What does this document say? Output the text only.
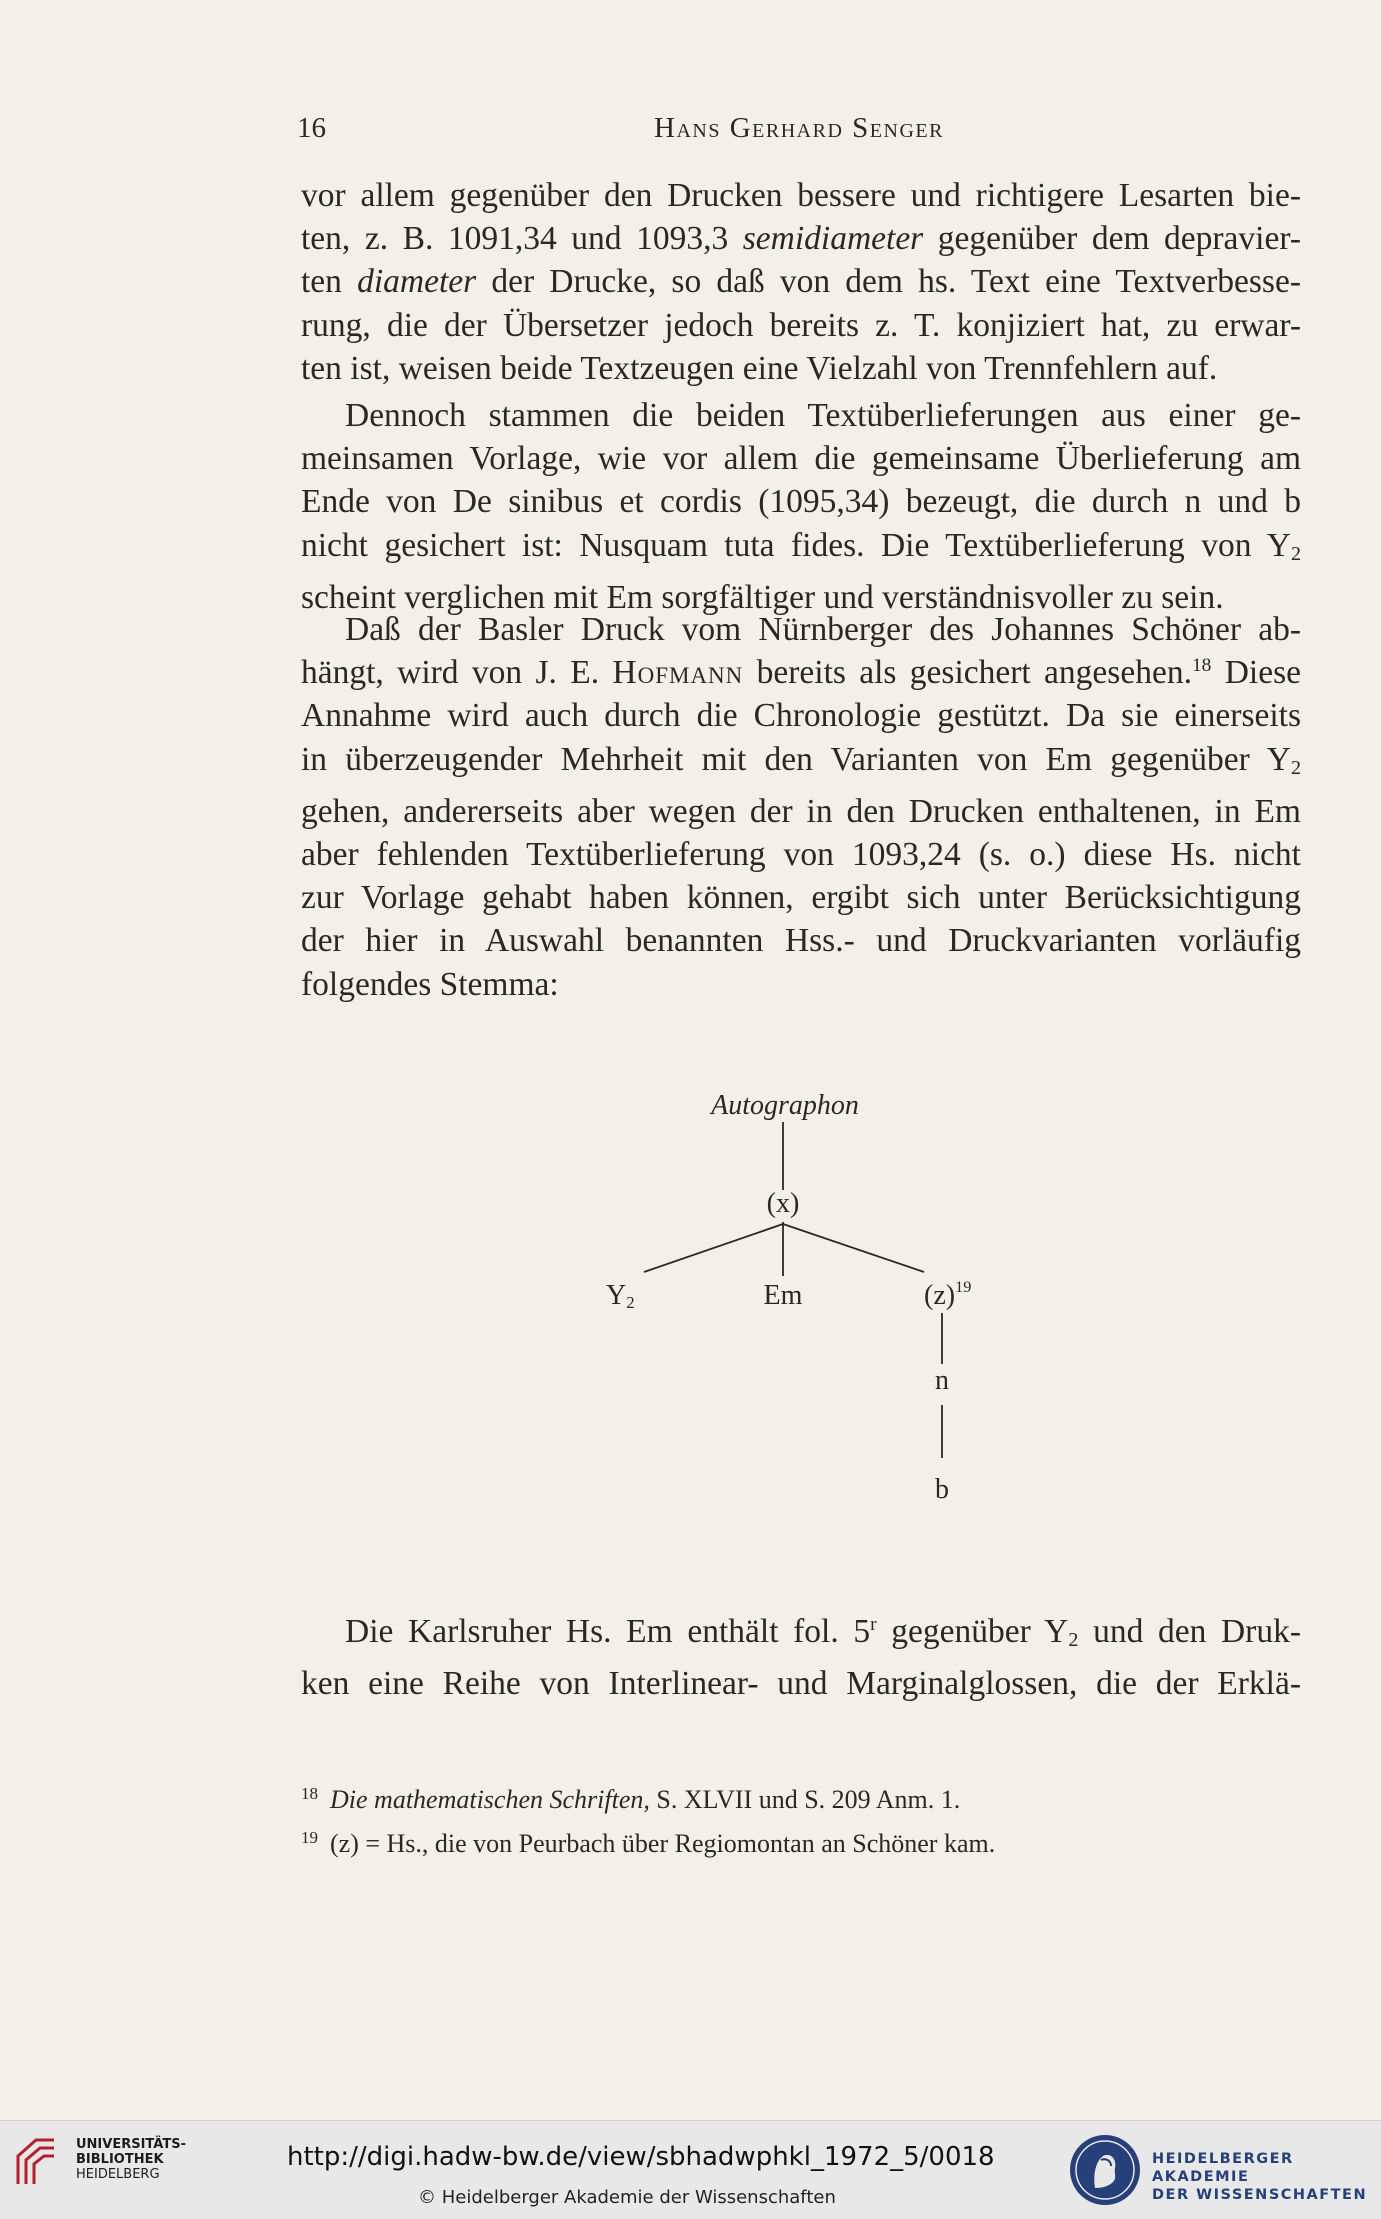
16	Hans Gerhard Senger

vor allem gegenüber den Drucken bessere und richtigere Lesarten bie-

ten, z. B. 1091,34 und 1093,3 semidiameter gegenüber dem depravier-

ten diameter der Drucke, so daß von dem hs. Text eine Textverbesse-

rung, die der Übersetzer jedoch bereits z. T. konjiziert hat, zu erwar-

ten ist, weisen beide Textzeugen eine Vielzahl von Trennfehlern auf.

Dennoch stammen die beiden Textüberlieferungen aus einer ge-

meinsamen Vorlage, wie vor allem die gemeinsame Überlieferung am

Ende von De sinibus et cordis (1095,34) bezeugt, die durch n und b

nicht gesichert ist: Nusquam tuta fides. Die Textüberlieferung von $Y_2$

scheint verglichen mit Em sorgfältiger und verständnisvoller zu sein.

Daß der Basler Druck vom Nürnberger des Johannes Schöner ab-

hängt, wird von J. E. Hofmann bereits als gesichert angesehen.$^{18}$ Diese

Annahme wird auch durch die Chronologie gestützt. Da sie einerseits

in überzeugender Mehrheit mit den Varianten von Em gegenüber $Y_2$

gehen, andererseits aber wegen der in den Drucken enthaltenen, in Em

aber fehlenden Textüberlieferung von 1093,24 (s. o.) diese Hs. nicht

zur Vorlage gehabt haben können, ergibt sich unter Berücksichtigung

der hier in Auswahl benannten Hss.- und Druckvarianten vorläufig

folgendes Stemma:

Autographon
(x)
$Y_2$	Em	$(z)^{19}$
n
b

Die Karlsruher Hs. Em enthält fol. 5$^r$ gegenüber $Y_2$ und den Druk-

ken eine Reihe von Interlinear- und Marginalglossen, die der Erklä-

$^{18}$ Die mathematischen Schriften, S. XLVII und S. 209 Anm. 1.
$^{19}$ (z) = Hs., die von Peurbach über Regiomontan an Schöner kam.
UNIVERSITÄTS-
BIBLIOTHEK
HEIDELBERG
http://digi.hadw-bw.de/view/sbhadwphkl_1972_5/0018
© Heidelberger Akademie der Wissenschaften
HEIDELBERGER AKADEMIE
DER WISSENSCHAFTEN
